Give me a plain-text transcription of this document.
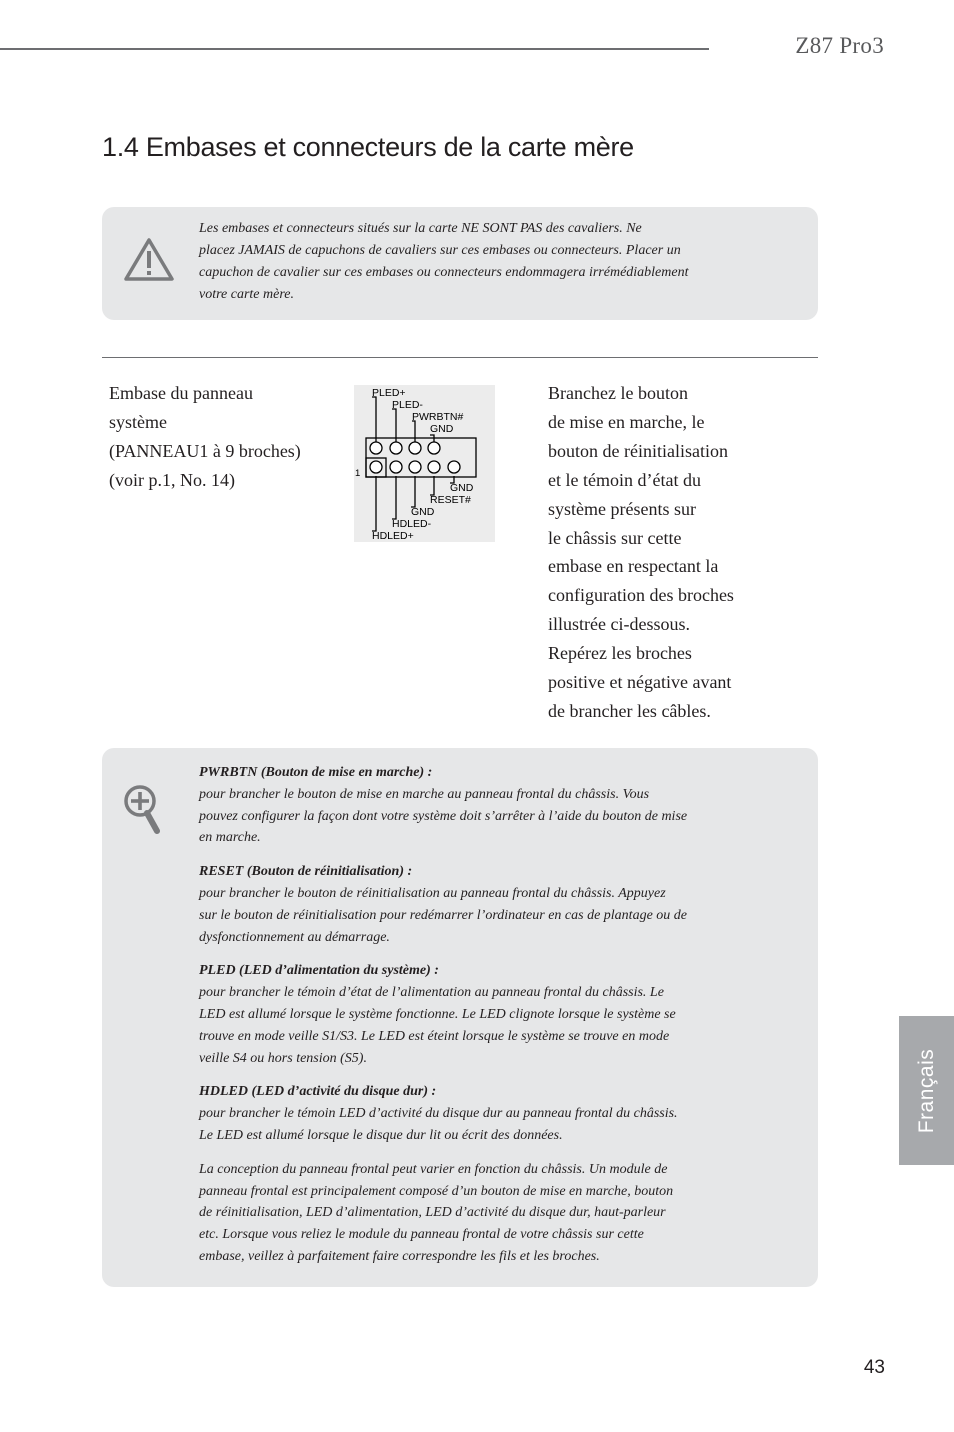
Z87 Pro3
1.4 Embases et connecteurs de la carte mère
Les embases et connecteurs situés sur la carte NE SONT PAS des cavaliers. Ne
placez JAMAIS de capuchons de cavaliers sur ces embases ou connecteurs. Placer un
capuchon de cavalier sur ces embases ou connecteurs endommagera irrémédiablement
votre carte mère.
Embase du panneau
système
(PANNEAU1 à 9 broches)
(voir p.1, No. 14)
PLED+
PLED-
PWRBTN#
GND
1
GND
RESET#
GND
HDLED-
HDLED+
Branchez le bouton
de mise en marche, le
bouton de réinitialisation
et le témoin d’état du
système présents sur
le châssis sur cette
embase en respectant la
configuration des broches
illustrée ci-dessous.
Repérez les broches
positive et négative avant
de brancher les câbles.
PWRBTN (Bouton de mise en marche) :
pour brancher le bouton de mise en marche au panneau frontal du châssis. Vous
pouvez configurer la façon dont votre système doit s’arrêter à l’aide du bouton de mise
en marche.
RESET (Bouton de réinitialisation) :
pour brancher le bouton de réinitialisation au panneau frontal du châssis. Appuyez
sur le bouton de réinitialisation pour redémarrer l’ordinateur en cas de plantage ou de
dysfonctionnement au démarrage.
PLED (LED d’alimentation du système) :
pour brancher le témoin d’état de l’alimentation au panneau frontal du châssis. Le
LED est allumé lorsque le système fonctionne. Le LED clignote lorsque le système se
trouve en mode veille S1/S3. Le LED est éteint lorsque le système se trouve en mode
veille S4 ou hors tension (S5).
HDLED (LED d’activité du disque dur) :
pour brancher le témoin LED d’activité du disque dur au panneau frontal du châssis.
Le LED est allumé lorsque le disque dur lit ou écrit des données.
La conception du panneau frontal peut varier en fonction du châssis. Un module de
panneau frontal est principalement composé d’un bouton de mise en marche, bouton
de réinitialisation, LED d’alimentation, LED d’activité du disque dur, haut-parleur
etc. Lorsque vous reliez le module du panneau frontal de votre châssis sur cette
embase, veillez à parfaitement faire correspondre les fils et les broches.
Français
43
